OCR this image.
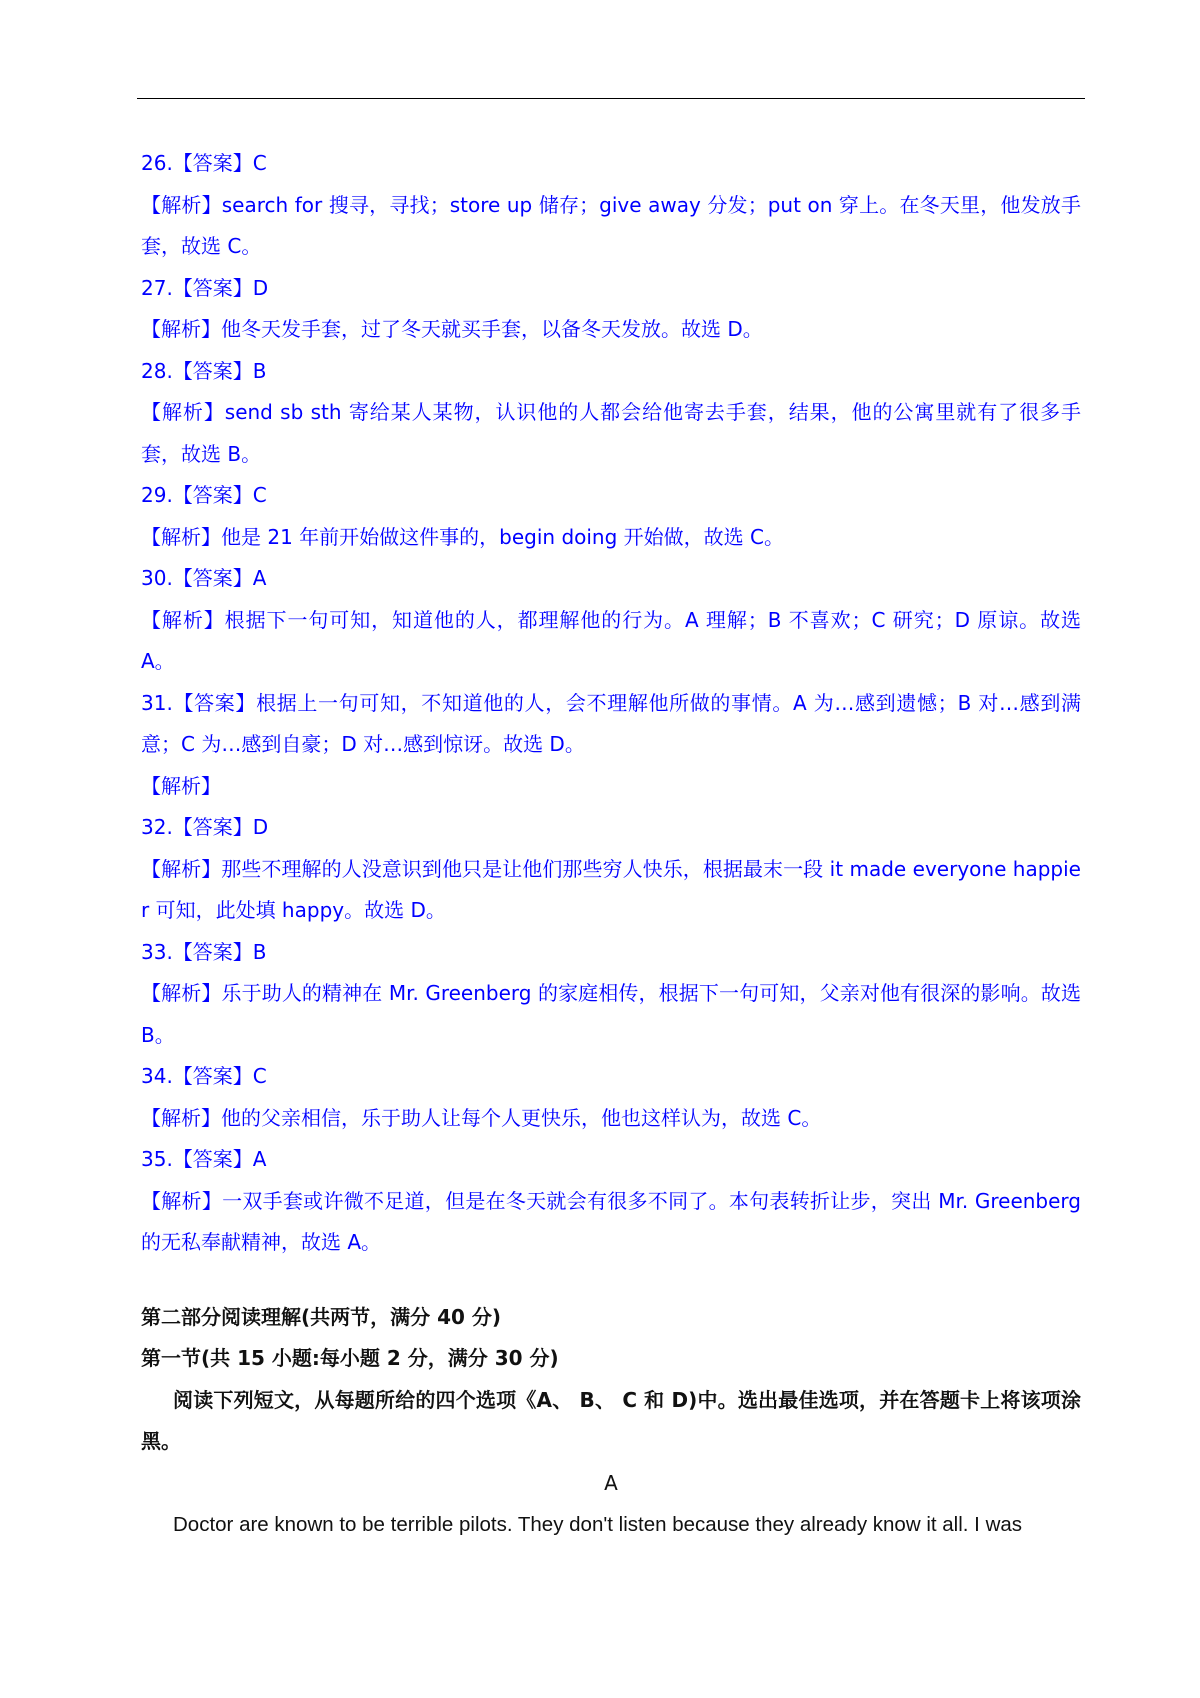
26.【答案】C
【解析】search for 搜寻，寻找；store up 储存；give away 分发；put on 穿上。在冬天里，他发放手套，故选 C。
27.【答案】D
【解析】他冬天发手套，过了冬天就买手套，以备冬天发放。故选 D。
28.【答案】B
【解析】send sb sth 寄给某人某物，认识他的人都会给他寄去手套，结果，他的公寓里就有了很多手套，故选 B。
29.【答案】C
【解析】他是 21 年前开始做这件事的，begin doing 开始做，故选 C。
30.【答案】A
【解析】根据下一句可知，知道他的人，都理解他的行为。A 理解；B 不喜欢；C 研究；D 原谅。故选 A。
31.【答案】根据上一句可知，不知道他的人，会不理解他所做的事情。A 为…感到遗憾；B 对…感到满意；C 为…感到自豪；D 对…感到惊讶。故选 D。
【解析】
32.【答案】D
【解析】那些不理解的人没意识到他只是让他们那些穷人快乐，根据最末一段 it made everyone happier 可知，此处填 happy。故选 D。
33.【答案】B
【解析】乐于助人的精神在 Mr. Greenberg 的家庭相传，根据下一句可知，父亲对他有很深的影响。故选 B。
34.【答案】C
【解析】他的父亲相信，乐于助人让每个人更快乐，他也这样认为，故选 C。
35.【答案】A
【解析】一双手套或许微不足道，但是在冬天就会有很多不同了。本句表转折让步，突出 Mr. Greenberg 的无私奉献精神，故选 A。
第二部分阅读理解(共两节，满分 40 分)
第一节(共 15 小题:每小题 2 分，满分 30 分)
阅读下列短文，从每题所给的四个选项《A、 B、 C 和 D)中。选出最佳选项，并在答题卡上将该项涂黑。
A
Doctor are known to be terrible pilots. They don't listen because they already know it all. I was
